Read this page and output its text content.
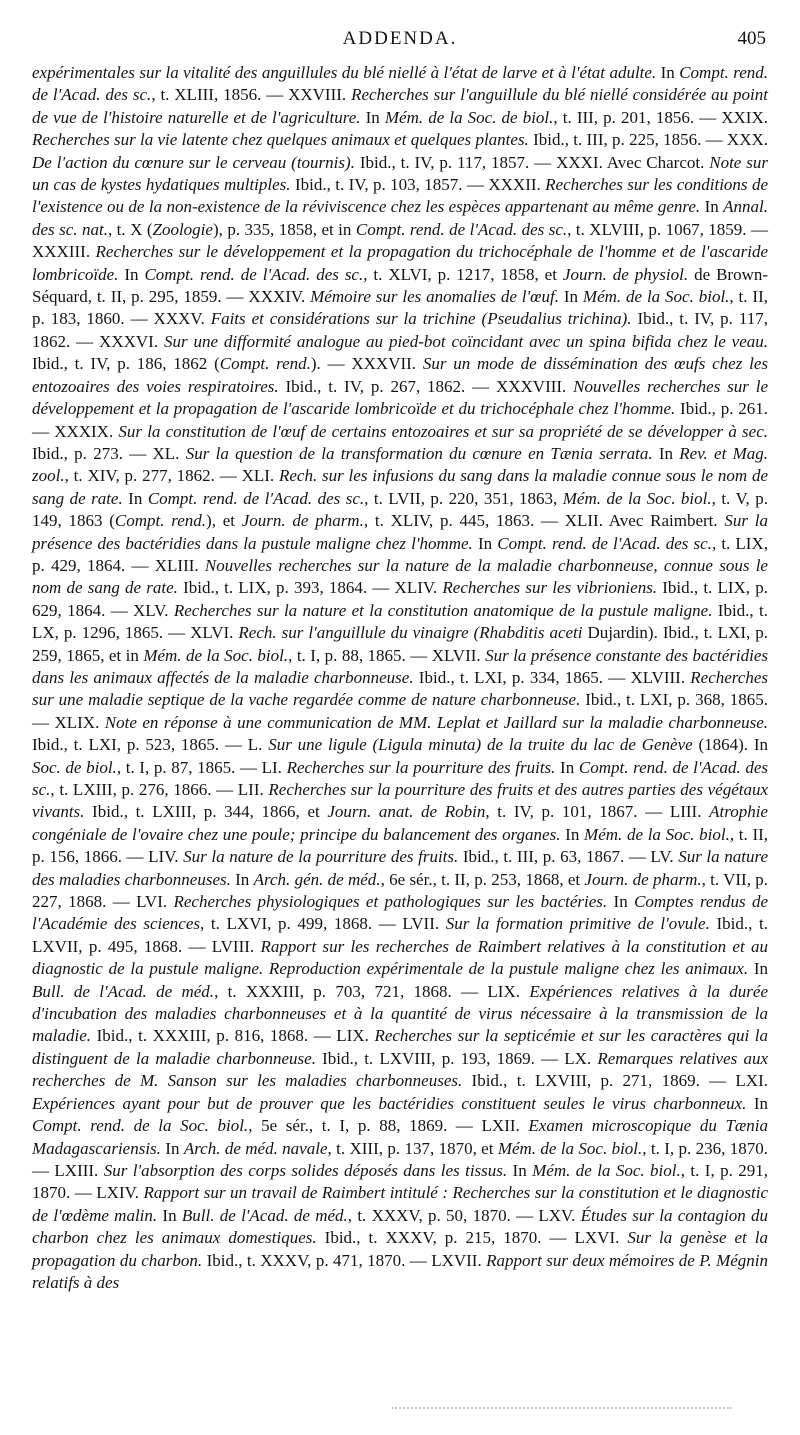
ADDENDA.	405
expérimentales sur la vitalité des anguillules du blé niellé à l'état de larve et à l'état adulte. In Compt. rend. de l'Acad. des sc., t. XLIII, 1856. — XXVIII. Recherches sur l'anguillule du blé niellé considérée au point de vue de l'histoire naturelle et de l'agriculture. In Mém. de la Soc. de biol., t. III, p. 201, 1856. — XXIX. Recherches sur la vie latente chez quelques animaux et quelques plantes. Ibid., t. III, p. 225, 1856. — XXX. De l'action du cœnure sur le cerveau (tournis). Ibid., t. IV, p. 117, 1857. — XXXI. Avec Charcot. Note sur un cas de kystes hydatiques multiples. Ibid., t. IV, p. 103, 1857. — XXXII. Recherches sur les conditions de l'existence ou de la non-existence de la réviviscence chez les espèces appartenant au même genre. In Annal. des sc. nat., t. X (Zoologie), p. 335, 1858, et in Compt. rend. de l'Acad. des sc., t. XLVIII, p. 1067, 1859. — XXXIII. Recherches sur le développement et la propagation du trichocéphale de l'homme et de l'ascaride lombricoïde. In Compt. rend. de l'Acad. des sc., t. XLVI, p. 1217, 1858, et Journ. de physiol. de Brown-Séquard, t. II, p. 295, 1859. — XXXIV. Mémoire sur les anomalies de l'œuf. In Mém. de la Soc. biol., t. II, p. 183, 1860. — XXXV. Faits et considérations sur la trichine (Pseudalius trichina). Ibid., t. IV, p. 117, 1862. — XXXVI. Sur une difformité analogue au pied-bot coïncidant avec un spina bifida chez le veau. Ibid., t. IV, p. 186, 1862 (Compt. rend.). — XXXVII. Sur un mode de dissémination des œufs chez les entozoaires des voies respiratoires. Ibid., t. IV, p. 267, 1862. — XXXVIII. Nouvelles recherches sur le développement et la propagation de l'ascaride lombricoïde et du trichocéphale chez l'homme. Ibid., p. 261. — XXXIX. Sur la constitution de l'œuf de certains entozoaires et sur sa propriété de se développer à sec. Ibid., p. 273. — XL. Sur la question de la transformation du cœnure en Tænia serrata. In Rev. et Mag. zool., t. XIV, p. 277, 1862. — XLI. Rech. sur les infusions du sang dans la maladie connue sous le nom de sang de rate. In Compt. rend. de l'Acad. des sc., t. LVII, p. 220, 351, 1863, Mém. de la Soc. biol., t. V, p. 149, 1863 (Compt. rend.), et Journ. de pharm., t. XLIV, p. 445, 1863. — XLII. Avec Raimbert. Sur la présence des bactéridies dans la pustule maligne chez l'homme. In Compt. rend. de l'Acad. des sc., t. LIX, p. 429, 1864. — XLIII. Nouvelles recherches sur la nature de la maladie charbonneuse, connue sous le nom de sang de rate. Ibid., t. LIX, p. 393, 1864. — XLIV. Recherches sur les vibrioniens. Ibid., t. LIX, p. 629, 1864. — XLV. Recherches sur la nature et la constitution anatomique de la pustule maligne. Ibid., t. LX, p. 1296, 1865. — XLVI. Rech. sur l'anguillule du vinaigre (Rhabditis aceti Dujardin). Ibid., t. LXI, p. 259, 1865, et in Mém. de la Soc. biol., t. I, p. 88, 1865. — XLVII. Sur la présence constante des bactéridies dans les animaux affectés de la maladie charbonneuse. Ibid., t. LXI, p. 334, 1865. — XLVIII. Recherches sur une maladie septique de la vache regardée comme de nature charbonneuse. Ibid., t. LXI, p. 368, 1865. — XLIX. Note en réponse à une communication de MM. Leplat et Jaillard sur la maladie charbonneuse. Ibid., t. LXI, p. 523, 1865. — L. Sur une ligule (Ligula minuta) de la truite du lac de Genève (1864). In Soc. de biol., t. I, p. 87, 1865. — LI. Recherches sur la pourriture des fruits. In Compt. rend. de l'Acad. des sc., t. LXIII, p. 276, 1866. — LII. Recherches sur la pourriture des fruits et des autres parties des végétaux vivants. Ibid., t. LXIII, p. 344, 1866, et Journ. anat. de Robin, t. IV, p. 101, 1867. — LIII. Atrophie congéniale de l'ovaire chez une poule; principe du balancement des organes. In Mém. de la Soc. biol., t. II, p. 156, 1866. — LIV. Sur la nature de la pourriture des fruits. Ibid., t. III, p. 63, 1867. — LV. Sur la nature des maladies charbonneuses. In Arch. gén. de méd., 6e sér., t. II, p. 253, 1868, et Journ. de pharm., t. VII, p. 227, 1868. — LVI. Recherches physiologiques et pathologiques sur les bactéries. In Comptes rendus de l'Académie des sciences, t. LXVI, p. 499, 1868. — LVII. Sur la formation primitive de l'ovule. Ibid., t. LXVII, p. 495, 1868. — LVIII. Rapport sur les recherches de Raimbert relatives à la constitution et au diagnostic de la pustule maligne. Reproduction expérimentale de la pustule maligne chez les animaux. In Bull. de l'Acad. de méd., t. XXXIII, p. 703, 721, 1868. — LIX. Expériences relatives à la durée d'incubation des maladies charbonneuses et à la quantité de virus nécessaire à la transmission de la maladie. Ibid., t. XXXIII, p. 816, 1868. — LIX. Recherches sur la septicémie et sur les caractères qui la distinguent de la maladie charbonneuse. Ibid., t. LXVIII, p. 193, 1869. — LX. Remarques relatives aux recherches de M. Sanson sur les maladies charbonneuses. Ibid., t. LXVIII, p. 271, 1869. — LXI. Expériences ayant pour but de prouver que les bactéridies constituent seules le virus charbonneux. In Compt. rend. de la Soc. biol., 5e sér., t. I, p. 88, 1869. — LXII. Examen microscopique du Tænia Madagascariensis. In Arch. de méd. navale, t. XIII, p. 137, 1870, et Mém. de la Soc. biol., t. I, p. 236, 1870. — LXIII. Sur l'absorption des corps solides déposés dans les tissus. In Mém. de la Soc. biol., t. I, p. 291, 1870. — LXIV. Rapport sur un travail de Raimbert intitulé : Recherches sur la constitution et le diagnostic de l'œdème malin. In Bull. de l'Acad. de méd., t. XXXV, p. 50, 1870. — LXV. Études sur la contagion du charbon chez les animaux domestiques. Ibid., t. XXXV, p. 215, 1870. — LXVI. Sur la genèse et la propagation du charbon. Ibid., t. XXXV, p. 471, 1870. — LXVII. Rapport sur deux mémoires de P. Mégnin relatifs à des
